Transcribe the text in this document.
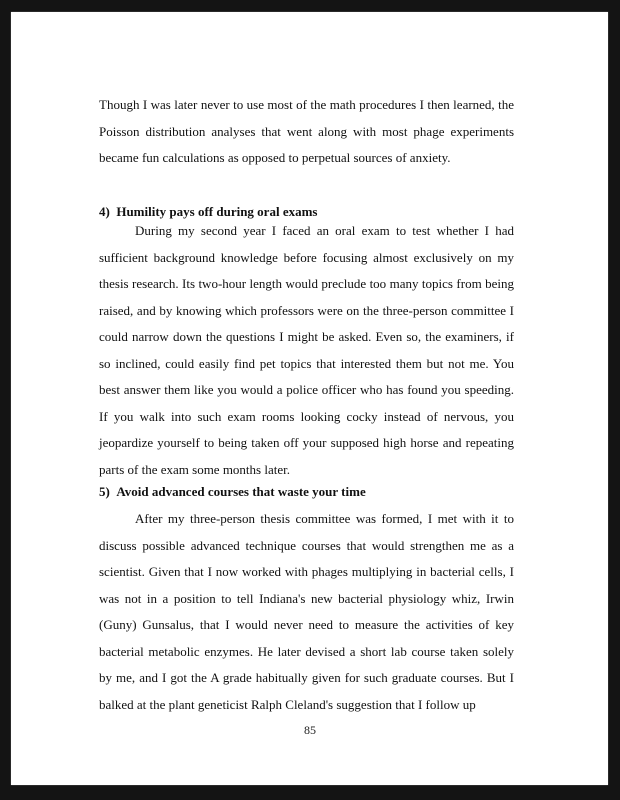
Though I was later never to use most of the math procedures I then learned, the Poisson distribution analyses that went along with most phage experiments became fun calculations as opposed to perpetual sources of anxiety.

4)  Humility pays off during oral exams

During my second year I faced an oral exam to test whether I had sufficient background knowledge before focusing almost exclusively on my thesis research. Its two-hour length would preclude too many topics from being raised, and by knowing which professors were on the three-person committee I could narrow down the questions I might be asked. Even so, the examiners, if so inclined, could easily find pet topics that interested them but not me. You best answer them like you would a police officer who has found you speeding. If you walk into such exam rooms looking cocky instead of nervous, you jeopardize yourself to being taken off your supposed high horse and repeating parts of the exam some months later.

5)  Avoid advanced courses that waste your time

After my three-person thesis committee was formed, I met with it to discuss possible advanced technique courses that would strengthen me as a scientist. Given that I now worked with phages multiplying in bacterial cells, I was not in a position to tell Indiana's new bacterial physiology whiz, Irwin (Guny) Gunsalus, that I would never need to measure the activities of key bacterial metabolic enzymes. He later devised a short lab course taken solely by me, and I got the A grade habitually given for such graduate courses. But I balked at the plant geneticist Ralph Cleland's suggestion that I follow up

85
